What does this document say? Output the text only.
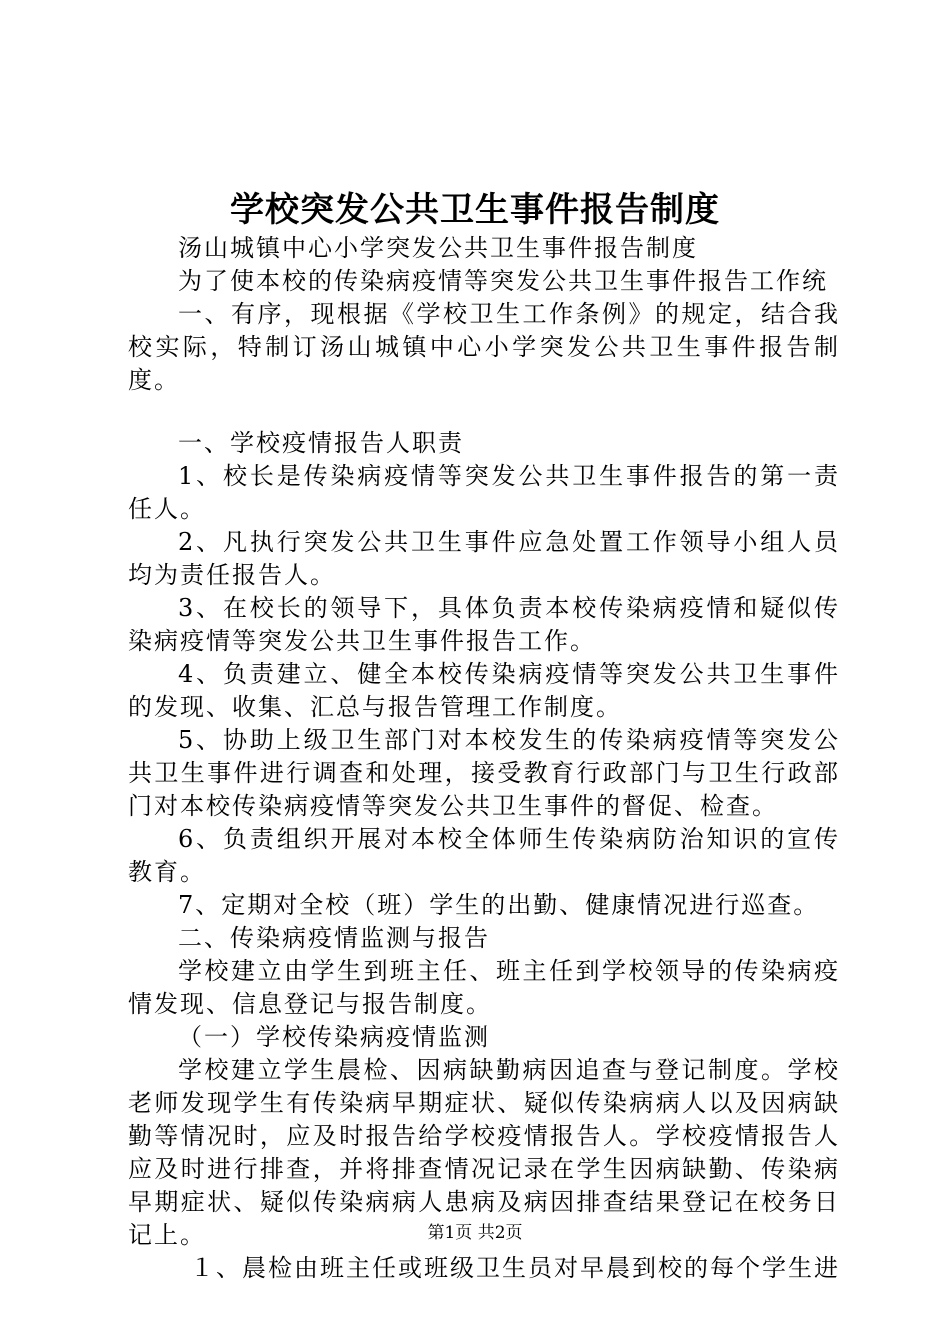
学校突发公共卫生事件报告制度

汤山城镇中心小学突发公共卫生事件报告制度

为了使本校的传染病疫情等突发公共卫生事件报告工作统

一、有序，现根据《学校卫生工作条例》的规定，结合我校实际，特制订汤山城镇中心小学突发公共卫生事件报告制度。

一、学校疫情报告人职责

1、校长是传染病疫情等突发公共卫生事件报告的第一责任人。

2、凡执行突发公共卫生事件应急处置工作领导小组人员均为责任报告人。

3、在校长的领导下，具体负责本校传染病疫情和疑似传染病疫情等突发公共卫生事件报告工作。

4、负责建立、健全本校传染病疫情等突发公共卫生事件的发现、收集、汇总与报告管理工作制度。

5、协助上级卫生部门对本校发生的传染病疫情等突发公共卫生事件进行调查和处理，接受教育行政部门与卫生行政部门对本校传染病疫情等突发公共卫生事件的督促、检查。

6、负责组织开展对本校全体师生传染病防治知识的宣传教育。

7、定期对全校（班）学生的出勤、健康情况进行巡查。

二、传染病疫情监测与报告

学校建立由学生到班主任、班主任到学校领导的传染病疫情发现、信息登记与报告制度。

（一）学校传染病疫情监测

学校建立学生晨检、因病缺勤病因追查与登记制度。学校老师发现学生有传染病早期症状、疑似传染病病人以及因病缺勤等情况时，应及时报告给学校疫情报告人。学校疫情报告人应及时进行排查，并将排查情况记录在学生因病缺勤、传染病早期症状、疑似传染病病人患病及病因排查结果登记在校务日记上。

１、晨检由班主任或班级卫生员对早晨到校的每个学生进

第1页 共2页
